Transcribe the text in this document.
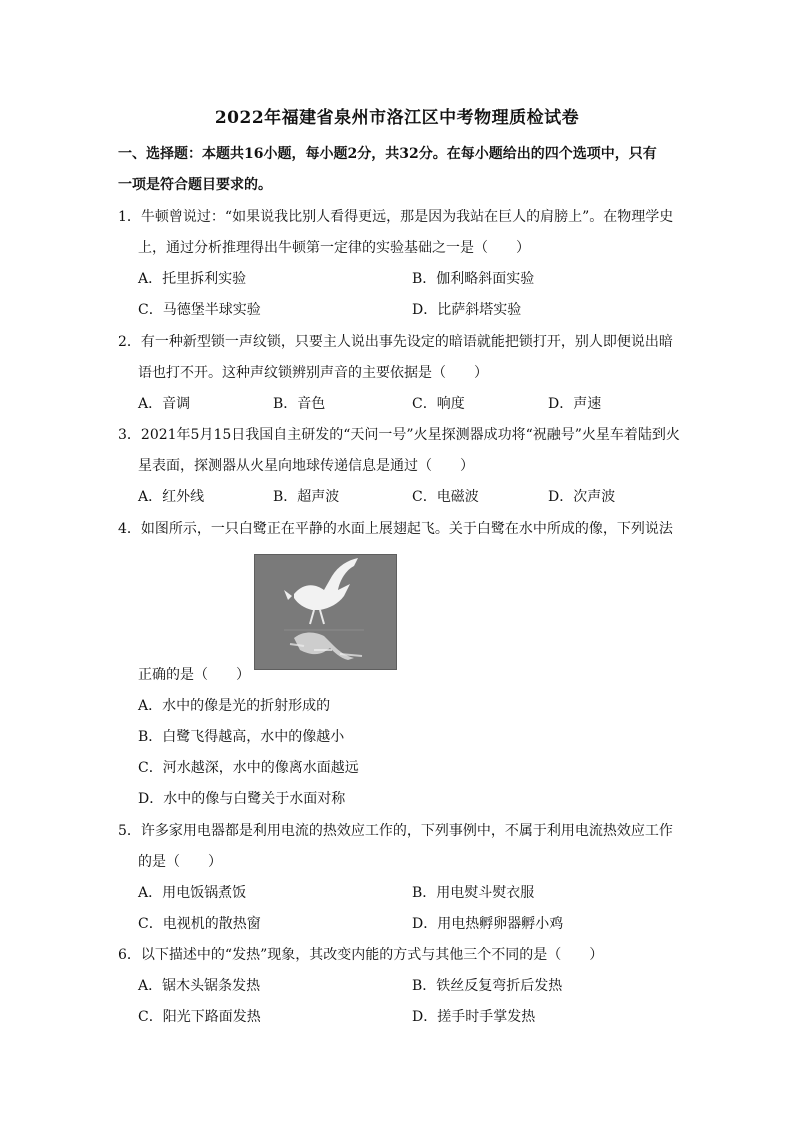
2022年福建省泉州市洛江区中考物理质检试卷
一、选择题：本题共16小题，每小题2分，共32分。在每小题给出的四个选项中，只有
一项是符合题目要求的。
1．牛顿曾说过：“如果说我比别人看得更远，那是因为我站在巨人的肩膀上”。在物理学史
上，通过分析推理得出牛顿第一定律的实验基础之一是（　　）
A．托里拆利实验	B．伽利略斜面实验
C．马德堡半球实验	D．比萨斜塔实验
2．有一种新型锁一声纹锁，只要主人说出事先设定的暗语就能把锁打开，别人即便说出暗
语也打不开。这种声纹锁辨别声音的主要依据是（　　）
A．音调	B．音色	C．响度	D．声速
3．2021年5月15日我国自主研发的“天问一号”火星探测器成功将“祝融号”火星车着陆到火
星表面，探测器从火星向地球传递信息是通过（　　）
A．红外线	B．超声波	C．电磁波	D．次声波
4．如图所示，一只白鹭正在平静的水面上展翅起飞。关于白鹭在水中所成的像，下列说法
正确的是（　　）
A．水中的像是光的折射形成的
B．白鹭飞得越高，水中的像越小
C．河水越深，水中的像离水面越远
D．水中的像与白鹭关于水面对称
5．许多家用电器都是利用电流的热效应工作的，下列事例中，不属于利用电流热效应工作
的是（　　）
A．用电饭锅煮饭	B．用电熨斗熨衣服
C．电视机的散热窗	D．用电热孵卵器孵小鸡
6．以下描述中的“发热”现象，其改变内能的方式与其他三个不同的是（　　）
A．锯木头锯条发热	B．铁丝反复弯折后发热
C．阳光下路面发热	D．搓手时手掌发热
